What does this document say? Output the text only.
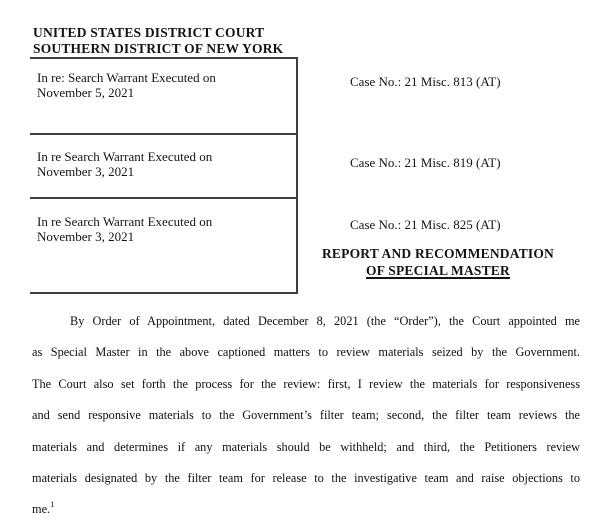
UNITED STATES DISTRICT COURT
SOUTHERN DISTRICT OF NEW YORK
In re: Search Warrant Executed on
November 5, 2021
In re Search Warrant Executed on
November 3, 2021
In re Search Warrant Executed on
November 3, 2021
Case No.: 21 Misc. 813 (AT)
Case No.: 21 Misc. 819 (AT)
Case No.: 21 Misc. 825 (AT)
REPORT AND RECOMMENDATION
OF SPECIAL MASTER
By Order of Appointment, dated December 8, 2021 (the “Order”), the Court appointed me
as Special Master in the above captioned matters to review materials seized by the Government.
The Court also set forth the process for the review: first, I review the materials for responsiveness
and send responsive materials to the Government’s filter team; second, the filter team reviews the
materials and determines if any materials should be withheld; and third, the Petitioners review
materials designated by the filter team for release to the investigative team and raise objections to
me.$^1$
